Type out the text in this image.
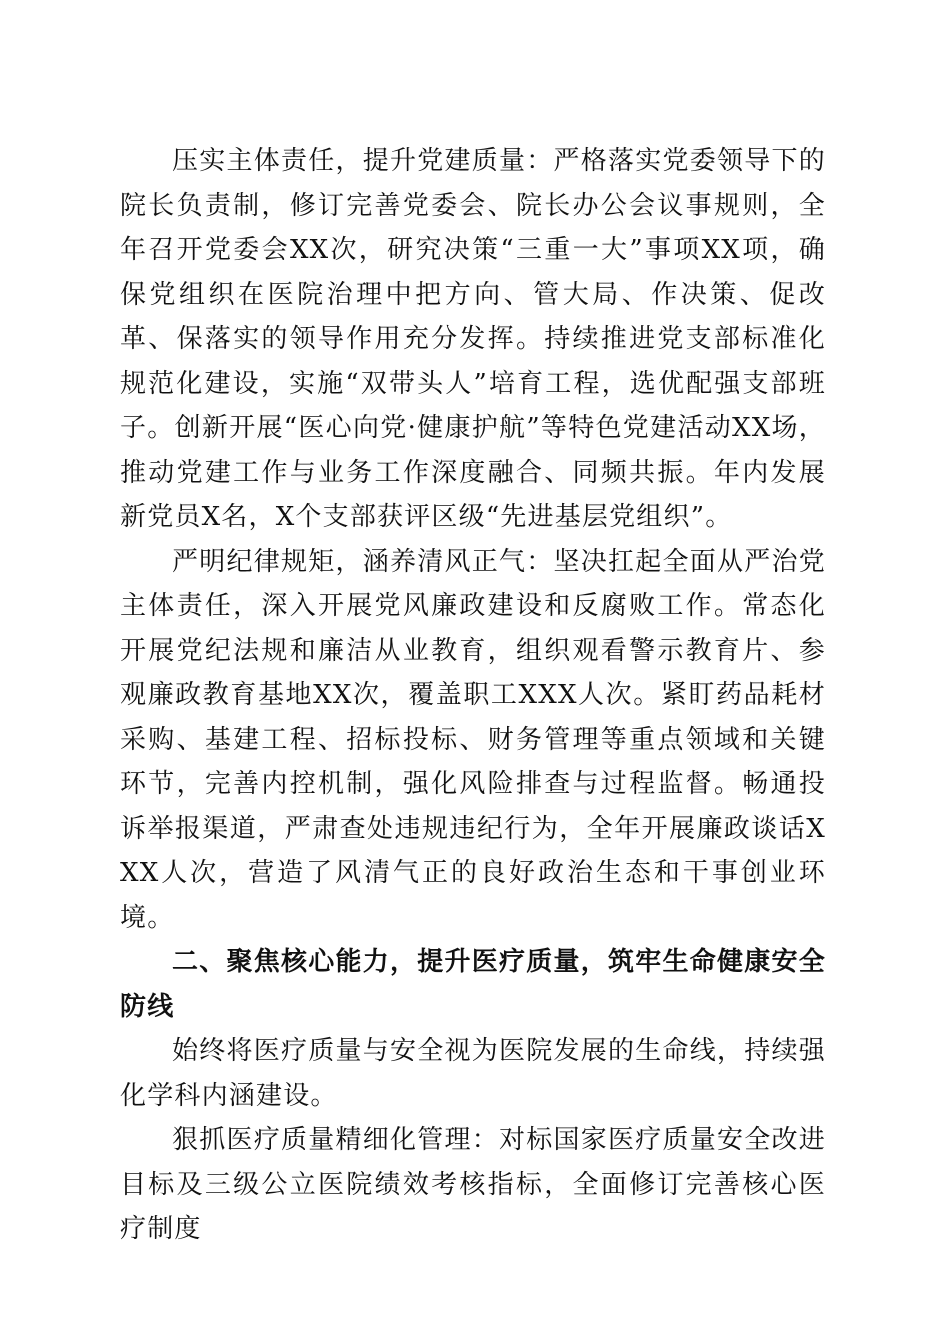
压实主体责任，提升党建质量：严格落实党委领导下的院长负责制，修订完善党委会、院长办公会议事规则，全年召开党委会XX次，研究决策“三重一大”事项XX项，确保党组织在医院治理中把方向、管大局、作决策、促改革、保落实的领导作用充分发挥。持续推进党支部标准化规范化建设，实施“双带头人”培育工程，选优配强支部班子。创新开展“医心向党·健康护航”等特色党建活动XX场，推动党建工作与业务工作深度融合、同频共振。年内发展新党员X名，X个支部获评区级“先进基层党组织”。

严明纪律规矩，涵养清风正气：坚决扛起全面从严治党主体责任，深入开展党风廉政建设和反腐败工作。常态化开展党纪法规和廉洁从业教育，组织观看警示教育片、参观廉政教育基地XX次，覆盖职工XXX人次。紧盯药品耗材采购、基建工程、招标投标、财务管理等重点领域和关键环节，完善内控机制，强化风险排查与过程监督。畅通投诉举报渠道，严肃查处违规违纪行为，全年开展廉政谈话XXX人次，营造了风清气正的良好政治生态和干事创业环境。

二、聚焦核心能力，提升医疗质量，筑牢生命健康安全防线

始终将医疗质量与安全视为医院发展的生命线，持续强化学科内涵建设。

狠抓医疗质量精细化管理：对标国家医疗质量安全改进目标及三级公立医院绩效考核指标，全面修订完善核心医疗制度
